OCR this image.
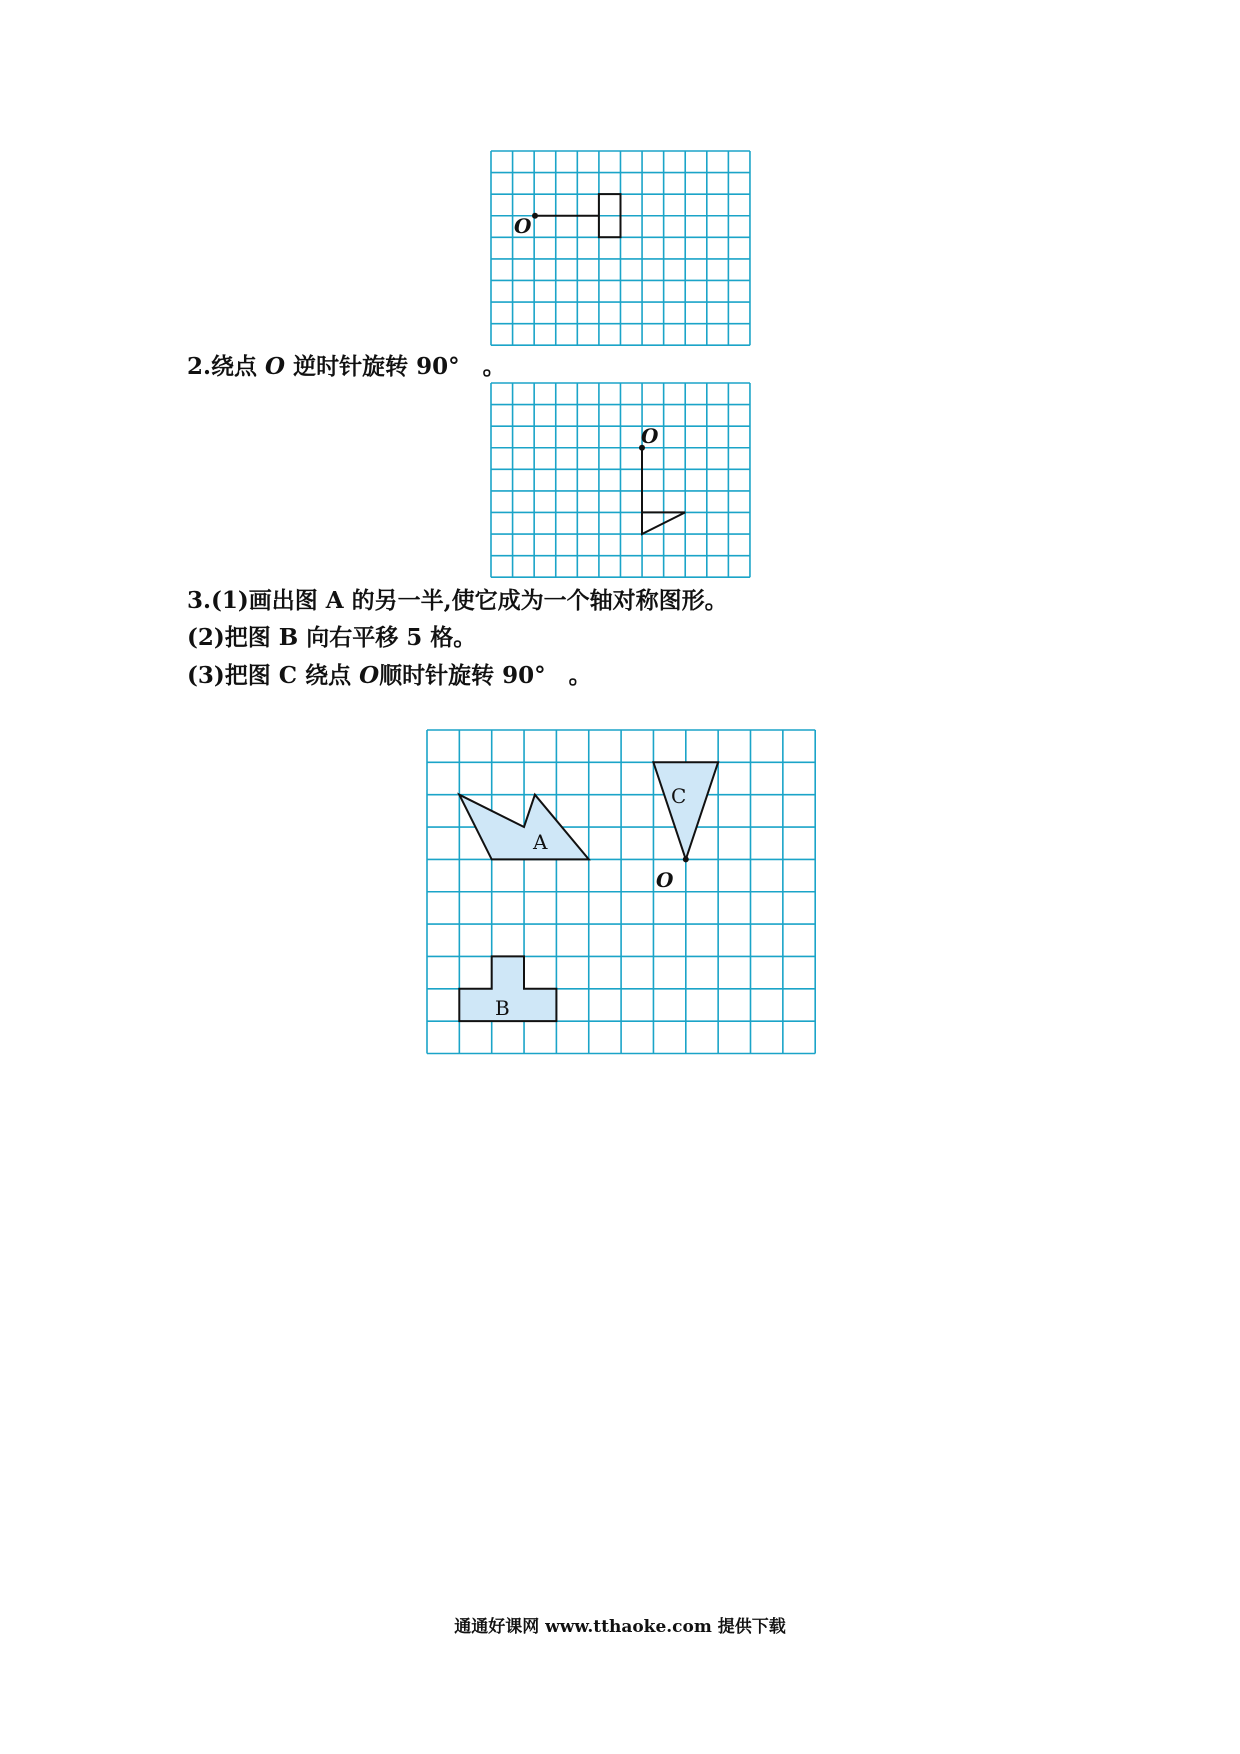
O
2.绕点 O 逆时针旋转 90°　。
O
3.(1)画出图 A 的另一半,使它成为一个轴对称图形。
(2)把图 B 向右平移 5 格。
(3)把图 C 绕点 O顺时针旋转 90°　。
A
B
C
O
通通好课网 www.tthaoke.com 提供下载
